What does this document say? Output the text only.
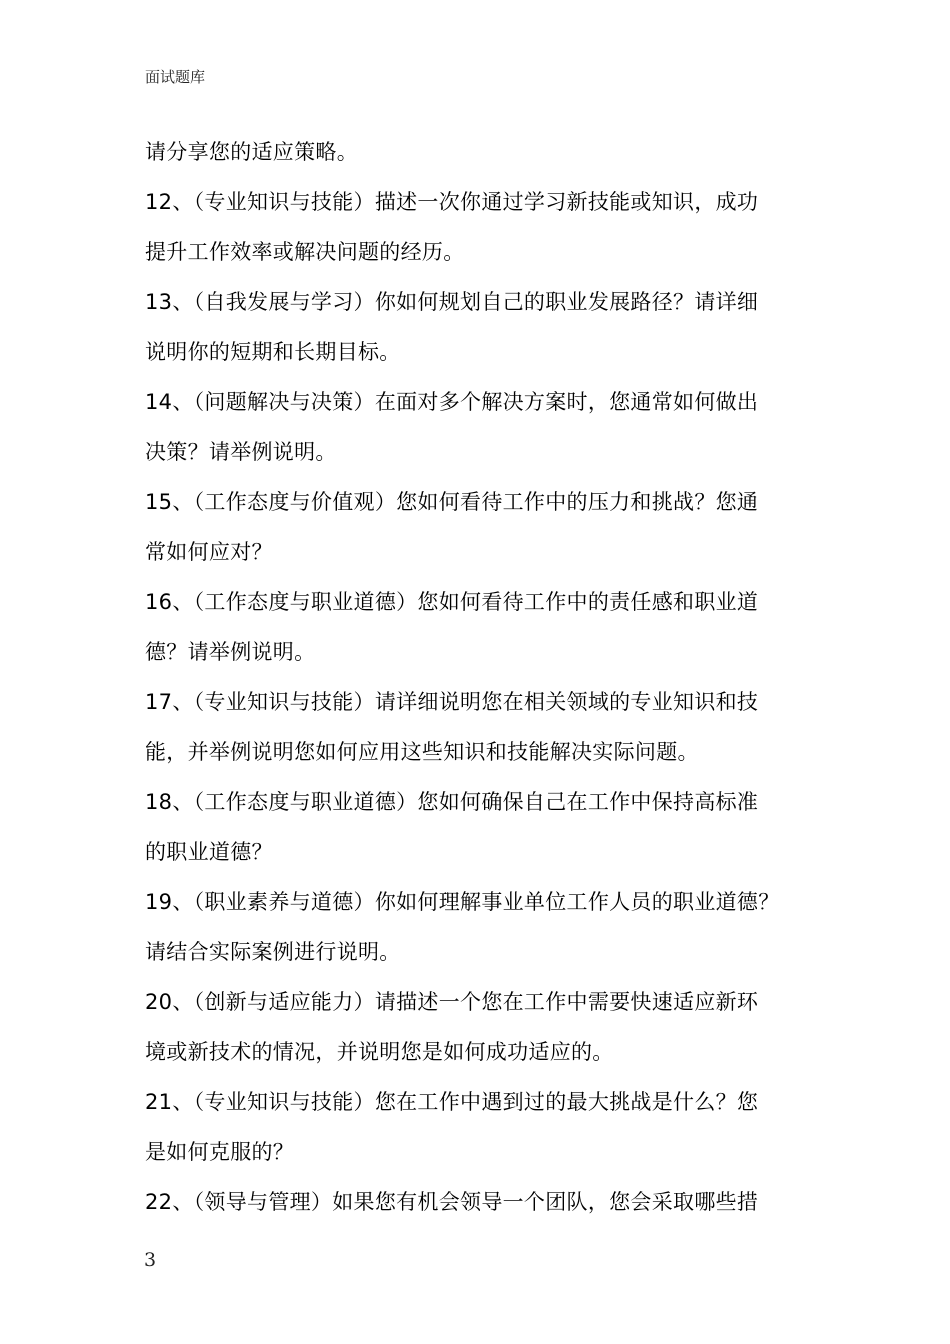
面试题库
请分享您的适应策略。
12、（专业知识与技能）描述一次你通过学习新技能或知识，成功
提升工作效率或解决问题的经历。
13、（自我发展与学习）你如何规划自己的职业发展路径？请详细
说明你的短期和长期目标。
14、（问题解决与决策）在面对多个解决方案时，您通常如何做出
决策？请举例说明。
15、（工作态度与价值观）您如何看待工作中的压力和挑战？您通
常如何应对？
16、（工作态度与职业道德）您如何看待工作中的责任感和职业道
德？请举例说明。
17、（专业知识与技能）请详细说明您在相关领域的专业知识和技
能，并举例说明您如何应用这些知识和技能解决实际问题。
18、（工作态度与职业道德）您如何确保自己在工作中保持高标准
的职业道德？
19、（职业素养与道德）你如何理解事业单位工作人员的职业道德？
请结合实际案例进行说明。
20、（创新与适应能力）请描述一个您在工作中需要快速适应新环
境或新技术的情况，并说明您是如何成功适应的。
21、（专业知识与技能）您在工作中遇到过的最大挑战是什么？您
是如何克服的？
22、（领导与管理）如果您有机会领导一个团队，您会采取哪些措
3
